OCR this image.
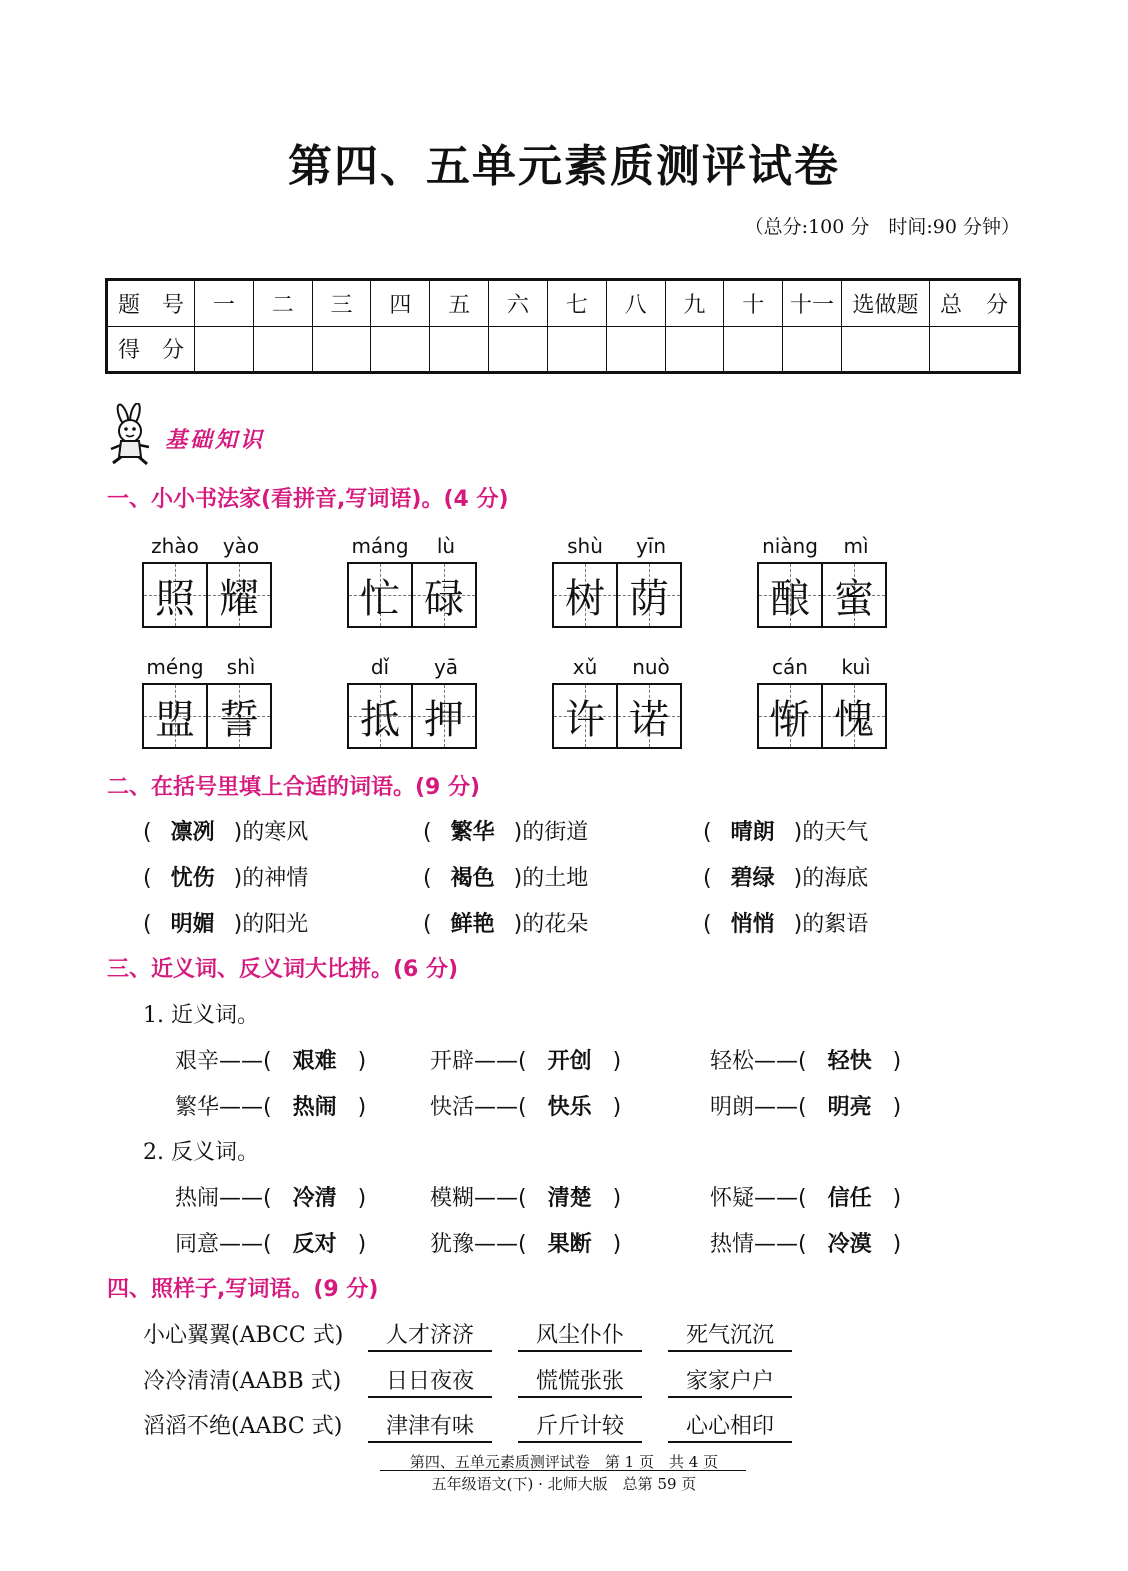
第四、五单元素质测评试卷
（总分:100 分　时间:90 分钟）
题　号	一	二	三	四	五	六	七	八	九	十	十一	选做题	总　分
得　分													
基础知识
一、小小书法家(看拼音,写词语)。(4 分)
zhào	yào
照 耀
máng	lù
忙 碌
shù	yīn
树 荫
niàng	mì
酿 蜜
méng	shì
盟 誓
dǐ	yā
抵 押
xǔ	nuò
许 诺
cán	kuì
惭 愧
二、在括号里填上合适的词语。(9 分)
( 凛冽 )的寒风	( 繁华 )的街道	( 晴朗 )的天气
( 忧伤 )的神情	( 褐色 )的土地	( 碧绿 )的海底
( 明媚 )的阳光	( 鲜艳 )的花朵	( 悄悄 )的絮语
三、近义词、反义词大比拼。(6 分)
1. 近义词。
2. 反义词。
艰辛——( 艰难 )	开辟——( 开创 )	轻松——( 轻快 )
繁华——( 热闹 )	快活——( 快乐 )	明朗——( 明亮 )
热闹——( 冷清 )	模糊——( 清楚 )	怀疑——( 信任 )
同意——( 反对 )	犹豫——( 果断 )	热情——( 冷漠 )
四、照样子,写词语。(9 分)
小心翼翼(ABCC 式)	人才济济	风尘仆仆	死气沉沉
冷冷清清(AABB 式)	日日夜夜	慌慌张张	家家户户
滔滔不绝(AABC 式)	津津有味	斤斤计较	心心相印
第四、五单元素质测评试卷　第 1 页　共 4 页
五年级语文(下) · 北师大版　总第 59 页
